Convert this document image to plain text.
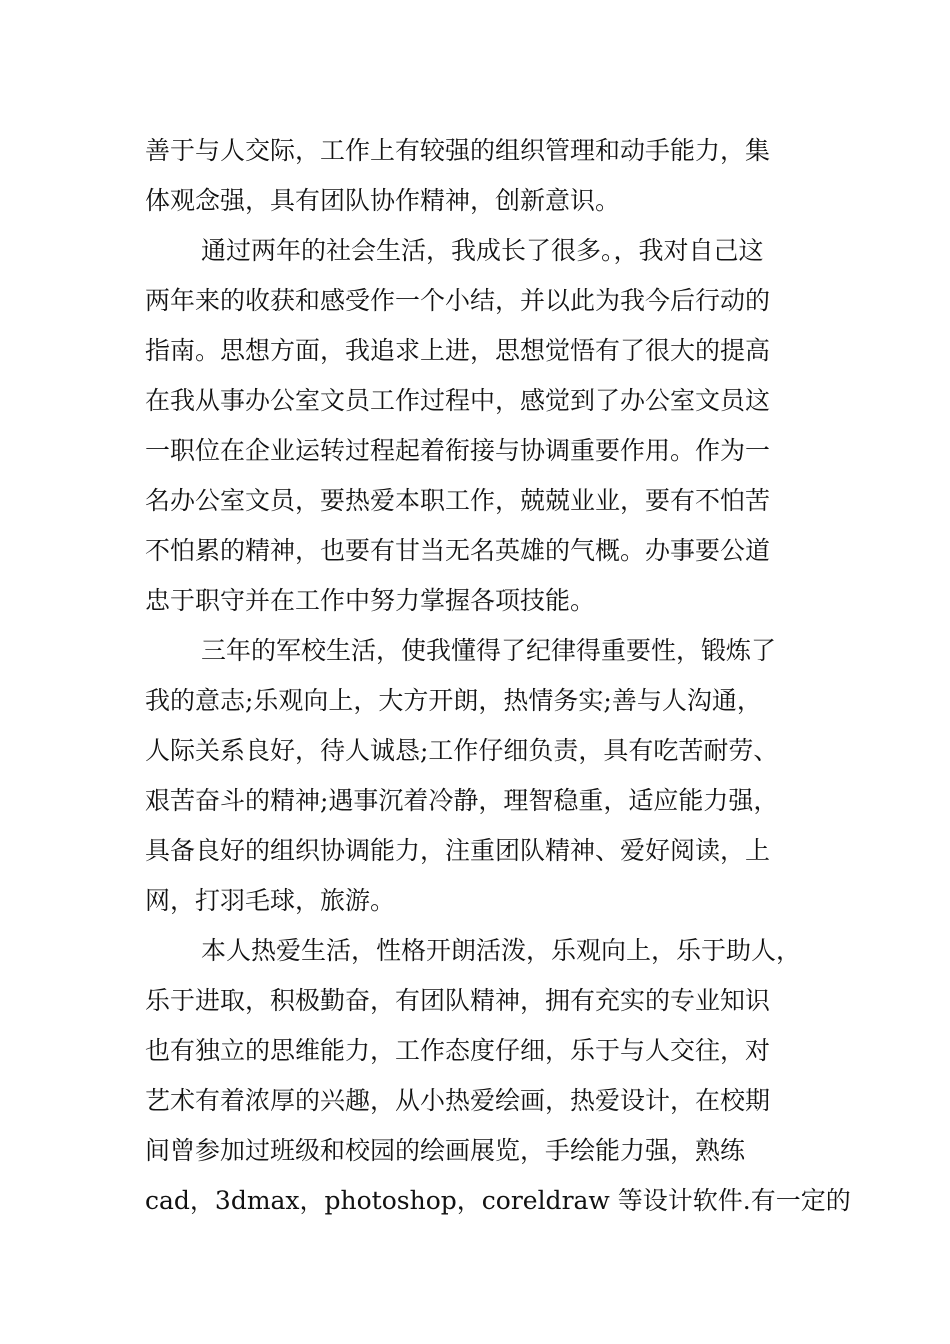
善于与人交际，工作上有较强的组织管理和动手能力，集
体观念强，具有团队协作精神，创新意识。
通过两年的社会生活，我成长了很多。，我对自己这
两年来的收获和感受作一个小结，并以此为我今后行动的
指南。思想方面，我追求上进，思想觉悟有了很大的提高
在我从事办公室文员工作过程中，感觉到了办公室文员这
一职位在企业运转过程起着衔接与协调重要作用。作为一
名办公室文员，要热爱本职工作，兢兢业业，要有不怕苦
不怕累的精神，也要有甘当无名英雄的气概。办事要公道
忠于职守并在工作中努力掌握各项技能。
三年的军校生活，使我懂得了纪律得重要性，锻炼了
我的意志;乐观向上，大方开朗，热情务实;善与人沟通，
人际关系良好，待人诚恳;工作仔细负责，具有吃苦耐劳、
艰苦奋斗的精神;遇事沉着冷静，理智稳重，适应能力强，
具备良好的组织协调能力，注重团队精神、爱好阅读，上
网，打羽毛球，旅游。
本人热爱生活，性格开朗活泼，乐观向上，乐于助人，
乐于进取，积极勤奋，有团队精神，拥有充实的专业知识
也有独立的思维能力，工作态度仔细，乐于与人交往，对
艺术有着浓厚的兴趣，从小热爱绘画，热爱设计，在校期
间曾参加过班级和校园的绘画展览，手绘能力强，熟练
cad，3dmax，photoshop，coreldraw 等设计软件.有一定的
